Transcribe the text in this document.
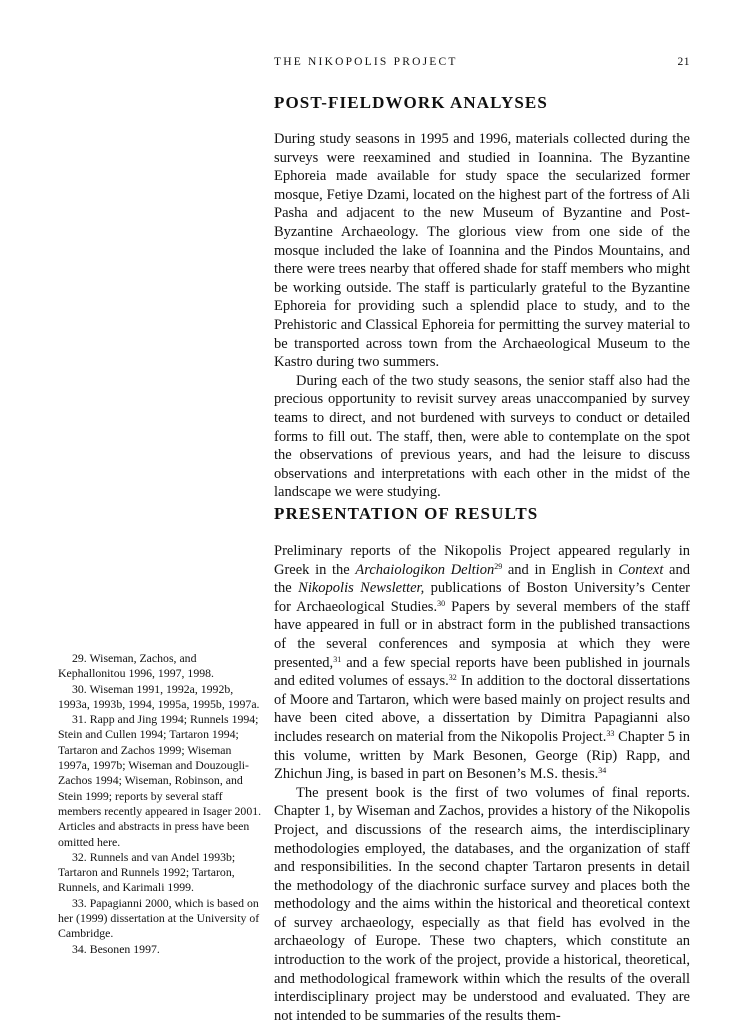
THE NIKOPOLIS PROJECT	21
POST-FIELDWORK ANALYSES

During study seasons in 1995 and 1996, materials collected during the surveys were reexamined and studied in Ioannina. The Byzantine Ephoreia made available for study space the secularized former mosque, Fetiye Dzami, located on the highest part of the fortress of Ali Pasha and adjacent to the new Museum of Byzantine and Post-Byzantine Archaeology. The glorious view from one side of the mosque included the lake of Ioannina and the Pindos Mountains, and there were trees nearby that offered shade for staff members who might be working outside. The staff is particularly grateful to the Byzantine Ephoreia for providing such a splendid place to study, and to the Prehistoric and Classical Ephoreia for permitting the survey material to be transported across town from the Archaeological Museum to the Kastro during two summers.

During each of the two study seasons, the senior staff also had the precious opportunity to revisit survey areas unaccompanied by survey teams to direct, and not burdened with surveys to conduct or detailed forms to fill out. The staff, then, were able to contemplate on the spot the observations of previous years, and had the leisure to discuss observations and interpretations with each other in the midst of the landscape we were studying.

PRESENTATION OF RESULTS

Preliminary reports of the Nikopolis Project appeared regularly in Greek in the Archaiologikon Deltion$^{29}$ and in English in Context and the Nikopolis Newsletter, publications of Boston University’s Center for Archaeological Studies.$^{30}$ Papers by several members of the staff have appeared in full or in abstract form in the published transactions of the several conferences and symposia at which they were presented,$^{31}$ and a few special reports have been published in journals and edited volumes of essays.$^{32}$ In addition to the doctoral dissertations of Moore and Tartaron, which were based mainly on project results and have been cited above, a dissertation by Dimitra Papagianni also includes research on material from the Nikopolis Project.$^{33}$ Chapter 5 in this volume, written by Mark Besonen, George (Rip) Rapp, and Zhichun Jing, is based in part on Besonen’s M.S. thesis.$^{34}$

The present book is the first of two volumes of final reports. Chapter 1, by Wiseman and Zachos, provides a history of the Nikopolis Project, and discussions of the research aims, the interdisciplinary methodologies employed, the databases, and the organization of staff and responsibilities. In the second chapter Tartaron presents in detail the methodology of the diachronic surface survey and places both the methodology and the aims within the historical and theoretical context of survey archaeology, especially as that field has evolved in the archaeology of Europe. These two chapters, which constitute an introduction to the work of the project, provide a historical, theoretical, and methodological framework within which the results of the overall interdisciplinary project may be understood and evaluated. They are not intended to be summaries of the results them-

29. Wiseman, Zachos, and Kephallonitou 1996, 1997, 1998.

30. Wiseman 1991, 1992a, 1992b, 1993a, 1993b, 1994, 1995a, 1995b, 1997a.

31. Rapp and Jing 1994; Runnels 1994; Stein and Cullen 1994; Tartaron 1994; Tartaron and Zachos 1999; Wiseman 1997a, 1997b; Wiseman and Douzougli-Zachos 1994; Wiseman, Robinson, and Stein 1999; reports by several staff members recently appeared in Isager 2001. Articles and abstracts in press have been omitted here.

32. Runnels and van Andel 1993b; Tartaron and Runnels 1992; Tartaron, Runnels, and Karimali 1999.

33. Papagianni 2000, which is based on her (1999) dissertation at the University of Cambridge.

34. Besonen 1997.
